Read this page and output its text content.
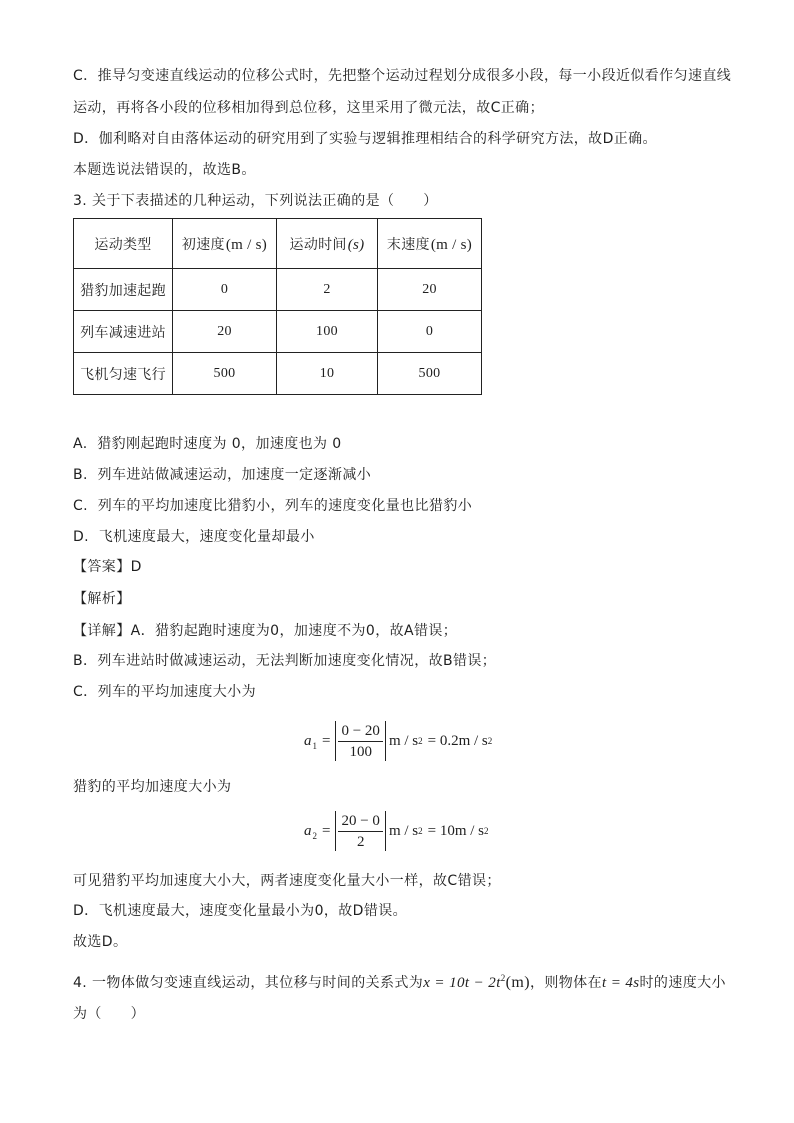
C．推导匀变速直线运动的位移公式时，先把整个运动过程划分成很多小段，每一小段近似看作匀速直线
运动，再将各小段的位移相加得到总位移，这里采用了微元法，故C正确；
D．伽利略对自由落体运动的研究用到了实验与逻辑推理相结合的科学研究方法，故D正确。
本题选说法错误的，故选B。
3. 关于下表描述的几种运动，下列说法正确的是（　　）
运动类型	初速度(m / s)	运动时间(s)	末速度(m / s)
猎豹加速起跑	0	2	20
列车减速进站	20	100	0
飞机匀速飞行	500	10	500
A.  猎豹刚起跑时速度为 0，加速度也为 0
B.  列车进站做减速运动，加速度一定逐渐减小
C.  列车的平均加速度比猎豹小，列车的速度变化量也比猎豹小
D.  飞机速度最大，速度变化量却最小
【答案】D
【解析】
【详解】A．猎豹起跑时速度为0，加速度不为0，故A错误；
B．列车进站时做减速运动，无法判断加速度变化情况，故B错误；
C．列车的平均加速度大小为
$a_1 = \frac{0 - 20}{100}$ m / s 2 = 0.2m / s 2
猎豹的平均加速度大小为
$a_2 = \frac{20 - 0}{2}$ m / s 2 = 10m / s 2
可见猎豹平均加速度大小大，两者速度变化量大小一样，故C错误；
D．飞机速度最大，速度变化量最小为0，故D错误。
故选D。
4. 一物体做匀变速直线运动，其位移与时间的关系式为$x = 10t - 2t^2(m)$，则物体在t = 4s时的速度大小
为（　　）
